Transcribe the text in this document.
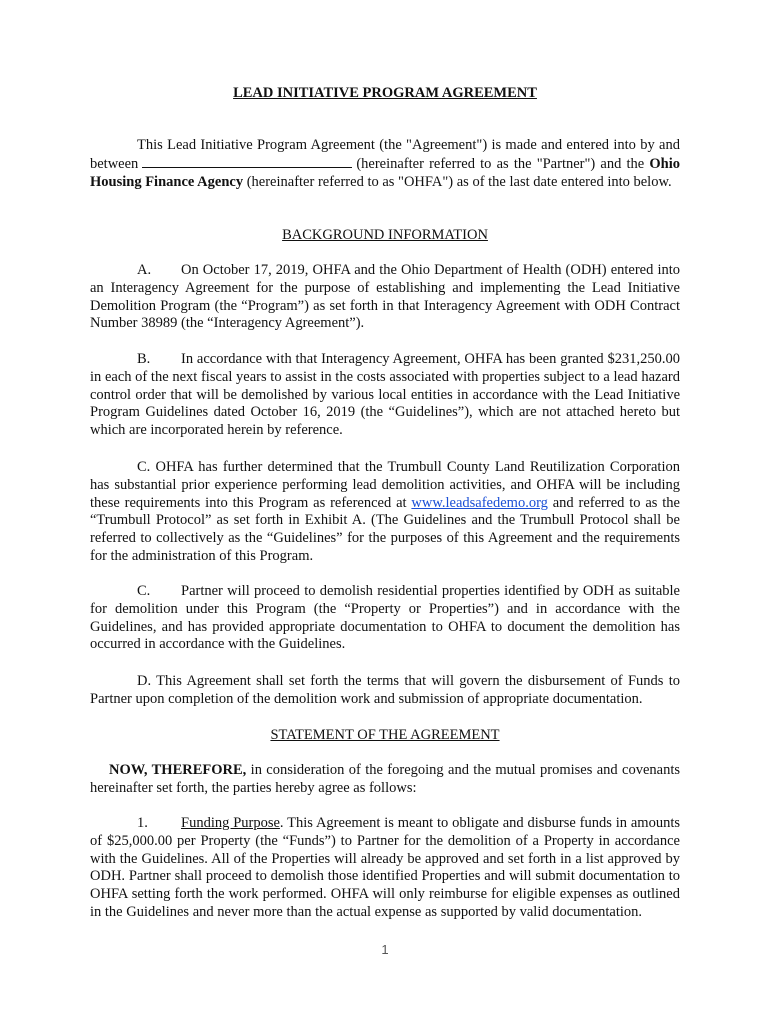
LEAD INITIATIVE PROGRAM AGREEMENT
This Lead Initiative Program Agreement (the "Agreement") is made and entered into by and between	(hereinafter referred to as the "Partner") and the Ohio Housing Finance Agency (hereinafter referred to as "OHFA") as of the last date entered into below.
BACKGROUND INFORMATION
A. On October 17, 2019, OHFA and the Ohio Department of Health (ODH) entered into an Interagency Agreement for the purpose of establishing and implementing the Lead Initiative Demolition Program (the “Program”) as set forth in that Interagency Agreement with ODH Contract Number 38989 (the “Interagency Agreement”).
B. In accordance with that Interagency Agreement, OHFA has been granted $231,250.00 in each of the next fiscal years to assist in the costs associated with properties subject to a lead hazard control order that will be demolished by various local entities in accordance with the Lead Initiative Program Guidelines dated October 16, 2019 (the “Guidelines”), which are not attached hereto but which are incorporated herein by reference.
C. OHFA has further determined that the Trumbull County Land Reutilization Corporation has substantial prior experience performing lead demolition activities, and OHFA will be including these requirements into this Program as referenced at www.leadsafedemo.org and referred to as the “Trumbull Protocol” as set forth in Exhibit A. (The Guidelines and the Trumbull Protocol shall be referred to collectively as the “Guidelines” for the purposes of this Agreement and the requirements for the administration of this Program.
C. Partner will proceed to demolish residential properties identified by ODH as suitable for demolition under this Program (the “Property or Properties”) and in accordance with the Guidelines, and has provided appropriate documentation to OHFA to document the demolition has occurred in accordance with the Guidelines.
D. This Agreement shall set forth the terms that will govern the disbursement of Funds to Partner upon completion of the demolition work and submission of appropriate documentation.
STATEMENT OF THE AGREEMENT
NOW, THEREFORE, in consideration of the foregoing and the mutual promises and covenants hereinafter set forth, the parties hereby agree as follows:
1. Funding Purpose. This Agreement is meant to obligate and disburse funds in amounts of $25,000.00 per Property (the “Funds”) to Partner for the demolition of a Property in accordance with the Guidelines. All of the Properties will already be approved and set forth in a list approved by ODH. Partner shall proceed to demolish those identified Properties and will submit documentation to OHFA setting forth the work performed. OHFA will only reimburse for eligible expenses as outlined in the Guidelines and never more than the actual expense as supported by valid documentation.
1
